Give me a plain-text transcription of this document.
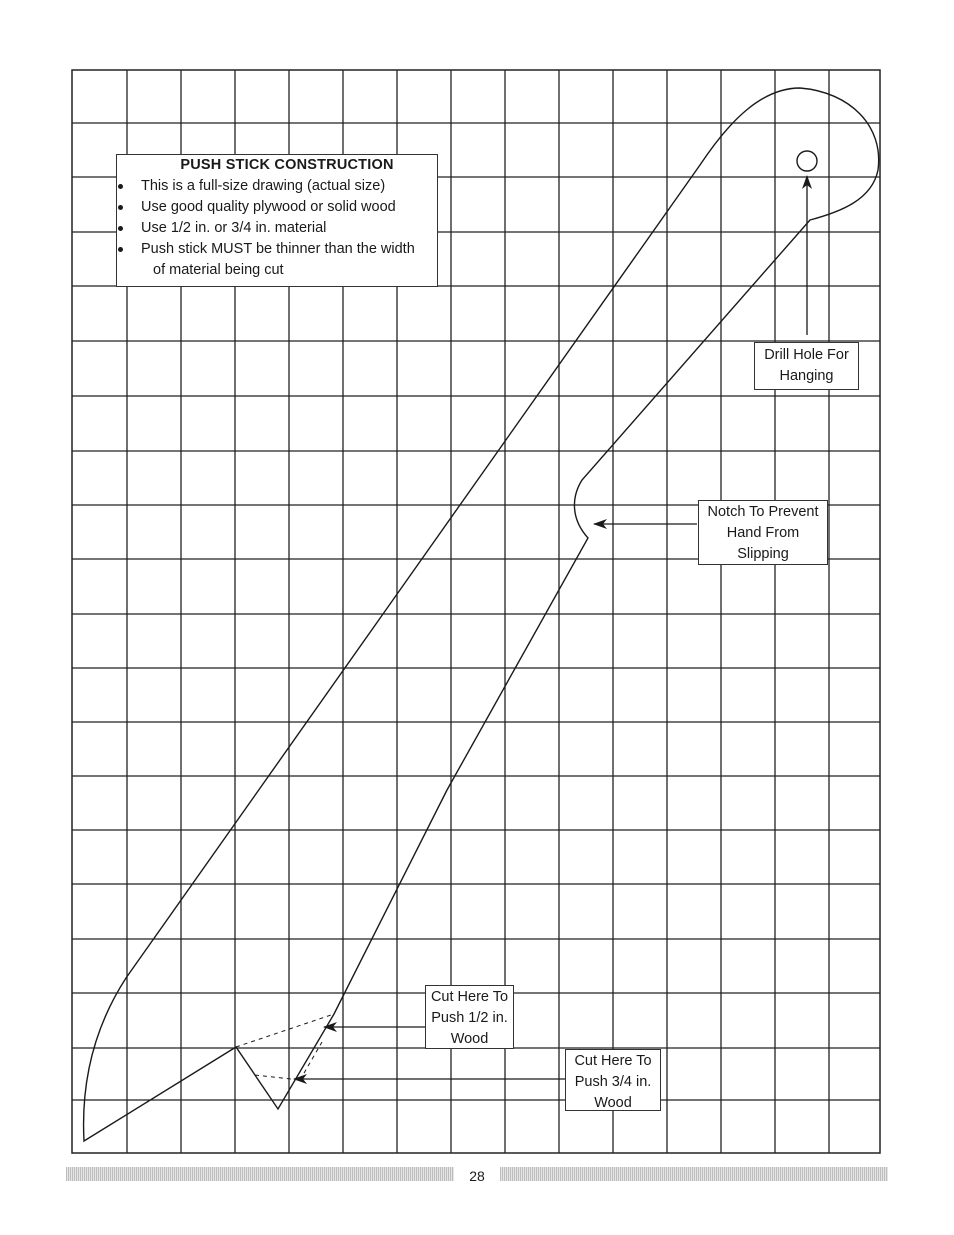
PUSH STICK CONSTRUCTION
This is a full-size drawing (actual size)
Use good quality plywood or solid wood
Use 1/2 in. or 3/4 in. material
Push stick MUST be thinner than the width
of material being cut
Drill Hole For
Hanging
Notch To Prevent
Hand From
Slipping
Cut Here To
Push 1/2 in.
Wood
Cut Here To
Push 3/4 in.
Wood
28
